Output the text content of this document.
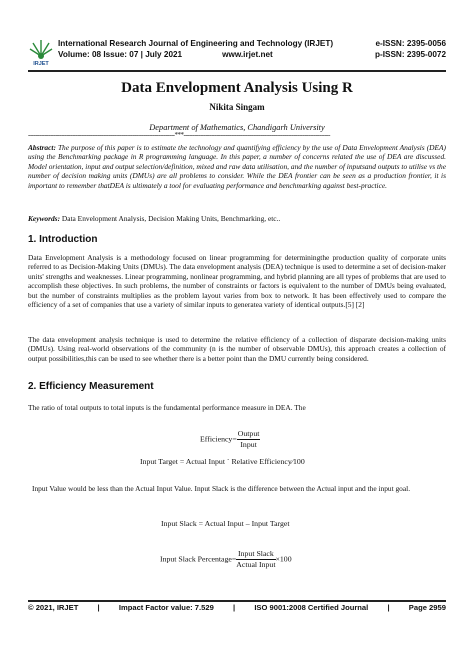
IRJET
International Research Journal of Engineering and Technology (IRJET)
Volume: 08 Issue: 07 | July 2021	www.irjet.net
e-ISSN: 2395-0056
p-ISSN: 2395-0072
Data Envelopment Analysis Using R
Nikita Singam
Department of Mathematics, Chandigarh University
--------------------------------------------------------------------------------***--------------------------------------------------------------------------------
Abstract: The purpose of this paper is to estimate the technology and quantifying efficiency by the use of Data Envelopment Analysis (DEA) using the Benchmarking package in R programming language. In this paper, a number of concerns related the use of DEA are discussed. Model orientation, input and output selection/definition, mixed and raw data utilisation, and the number of inputsand outputs to utilise vs the number of decision making units (DMUs) are all problems to consider. While the DEA frontier can be seen as a production frontier, it is important to remember thatDEA is ultimately a tool for evaluating performance and benchmarking against best-practice.
Keywords: Data Envelopment Analysis, Decision Making Units, Benchmarking, etc..
1. Introduction
Data Envelopment Analysis is a methodology focused on linear programming for determiningthe production quality of corporate units referred to as Decision-Making Units (DMUs). The data envelopment analysis (DEA) technique is used to determine a set of decision-maker units' strengths and weaknesses. Linear programming, nonlinear programming, and hybrid planning are all types of problems that are used to accomplish these objectives. In such problems, the number of constraints or factors is equivalent to the number of DMUs being evaluated, but the number of constraints multiplies as the problem layout varies from box to network. It has been effectively used to compare the efficiency of a set of companies that use a variety of similar inputs to generatea variety of identical outputs.[5] [2]
The data envelopment analysis technique is used to determine the relative efficiency of a collection of disparate decision-making units (DMUs). Using real-world observations of the community (n is the number of observable DMUs), this approach creates a collection of output possibilities,this can be used to see whether there is a better point than the DMU currently being considered.
2. Efficiency Measurement
The ratio of total outputs to total inputs is the fundamental performance measure in DEA. The
Efficiency= $\frac{\text{Output}}{\text{Input}}$
Input Target = Actual Input ´ Relative Efficiency⁄100
Input Value would be less than the Actual Input Value. Input Slack is the difference between the Actual input and the input goal.
Input Slack = Actual Input – Input Target
Input Slack Percentage= $\frac{\text{Input Slack}}{\text{Actual Input}} \times 100$
© 2021, IRJET	|	Impact Factor value: 7.529	|	ISO 9001:2008 Certified Journal	|	Page 2959
